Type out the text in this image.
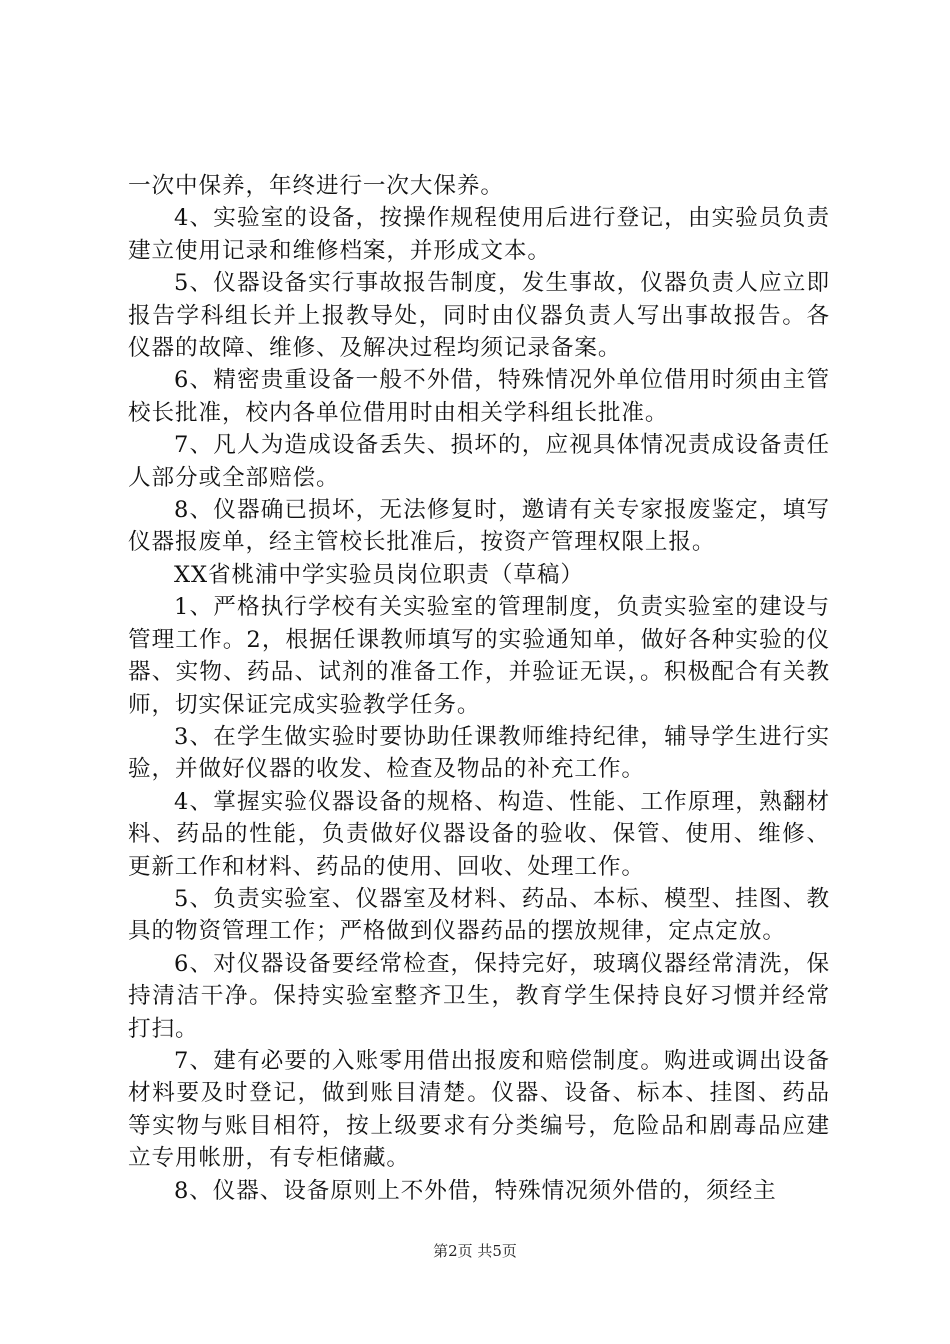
一次中保养，年终进行一次大保养。

4、实验室的设备，按操作规程使用后进行登记，由实验员负责建立使用记录和维修档案，并形成文本。

5、仪器设备实行事故报告制度，发生事故，仪器负责人应立即报告学科组长并上报教导处，同时由仪器负责人写出事故报告。各仪器的故障、维修、及解决过程均须记录备案。

6、精密贵重设备一般不外借，特殊情况外单位借用时须由主管校长批准，校内各单位借用时由相关学科组长批准。

7、凡人为造成设备丢失、损坏的，应视具体情况责成设备责任人部分或全部赔偿。

8、仪器确已损坏，无法修复时，邀请有关专家报废鉴定，填写仪器报废单，经主管校长批准后，按资产管理权限上报。

XX省桃浦中学实验员岗位职责（草稿）

1、严格执行学校有关实验室的管理制度，负责实验室的建设与管理工作。2，根据任课教师填写的实验通知单，做好各种实验的仪器、实物、药品、试剂的准备工作，并验证无误，。积极配合有关教师，切实保证完成实验教学任务。

3、在学生做实验时要协助任课教师维持纪律，辅导学生进行实验，并做好仪器的收发、检查及物品的补充工作。

4、掌握实验仪器设备的规格、构造、性能、工作原理，熟翻材料、药品的性能，负责做好仪器设备的验收、保管、使用、维修、更新工作和材料、药品的使用、回收、处理工作。

5、负责实验室、仪器室及材料、药品、本标、模型、挂图、教具的物资管理工作；严格做到仪器药品的摆放规律，定点定放。

6、对仪器设备要经常检查，保持完好，玻璃仪器经常清洗，保持清洁干净。保持实验室整齐卫生，教育学生保持良好习惯并经常打扫。

7、建有必要的入账零用借出报废和赔偿制度。购进或调出设备材料要及时登记，做到账目清楚。仪器、设备、标本、挂图、药品等实物与账目相符，按上级要求有分类编号，危险品和剧毒品应建立专用帐册，有专柜储藏。

8、仪器、设备原则上不外借，特殊情况须外借的，须经主

第2页 共5页
